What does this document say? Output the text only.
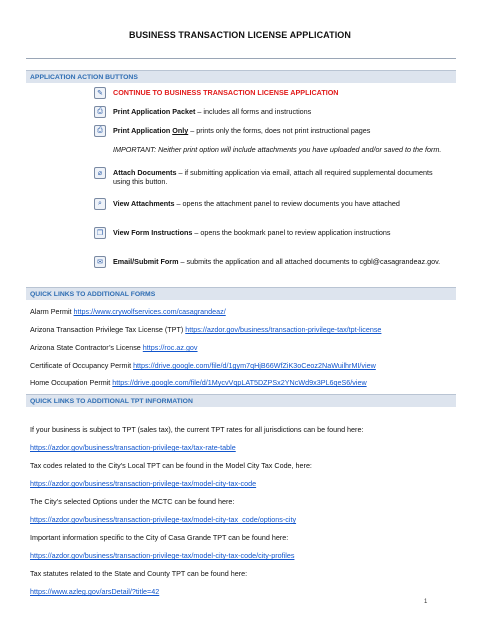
BUSINESS TRANSACTION LICENSE APPLICATION
APPLICATION ACTION BUTTONS
✎	CONTINUE TO BUSINESS TRANSACTION LICENSE APPLICATION
⎙	Print Application Packet – includes all forms and instructions
⎙	Print Application Only – prints only the forms, does not print instructional pages
IMPORTANT: Neither print option will include attachments you have uploaded and/or saved to the form.
⌀	Attach Documents – if submitting application via email, attach all required supplemental documents using this button.
⌕	View Attachments – opens the attachment panel to review documents you have attached
❐	View Form Instructions – opens the bookmark panel to review application instructions
✉	Email/Submit Form – submits the application and all attached documents to cgbl@casagrandeaz.gov.
QUICK LINKS TO ADDITIONAL FORMS
Alarm Permit https://www.crywolfservices.com/casagrandeaz/
Arizona Transaction Privilege Tax License (TPT) https://azdor.gov/business/transaction-privilege-tax/tpt-license
Arizona State Contractor’s License https://roc.az.gov
Certificate of Occupancy Permit https://drive.google.com/file/d/1gym7qHjB66WfZiK3oCeoz2NaWuilhrMI/view
Home Occupation Permit https://drive.google.com/file/d/1MycvVqpLAT5DZPSx2YNcWd9x3PL6qeS6/view
QUICK LINKS TO ADDITIONAL TPT INFORMATION
If your business is subject to TPT (sales tax), the current TPT rates for all jurisdictions can be found here:
https://azdor.gov/business/transaction-privilege-tax/tax-rate-table
Tax codes related to the City’s Local TPT can be found in the Model City Tax Code, here:
https://azdor.gov/business/transaction-privilege-tax/model-city-tax-code
The City’s selected Options under the MCTC can be found here:
https://azdor.gov/business/transaction-privilege-tax/model-city-tax_code/options-city
Important information specific to the City of Casa Grande TPT can be found here:
https://azdor.gov/business/transaction-privilege-tax/model-city-tax-code/city-profiles
Tax statutes related to the State and County TPT can be found here:
https://www.azleg.gov/arsDetail/?title=42
1
